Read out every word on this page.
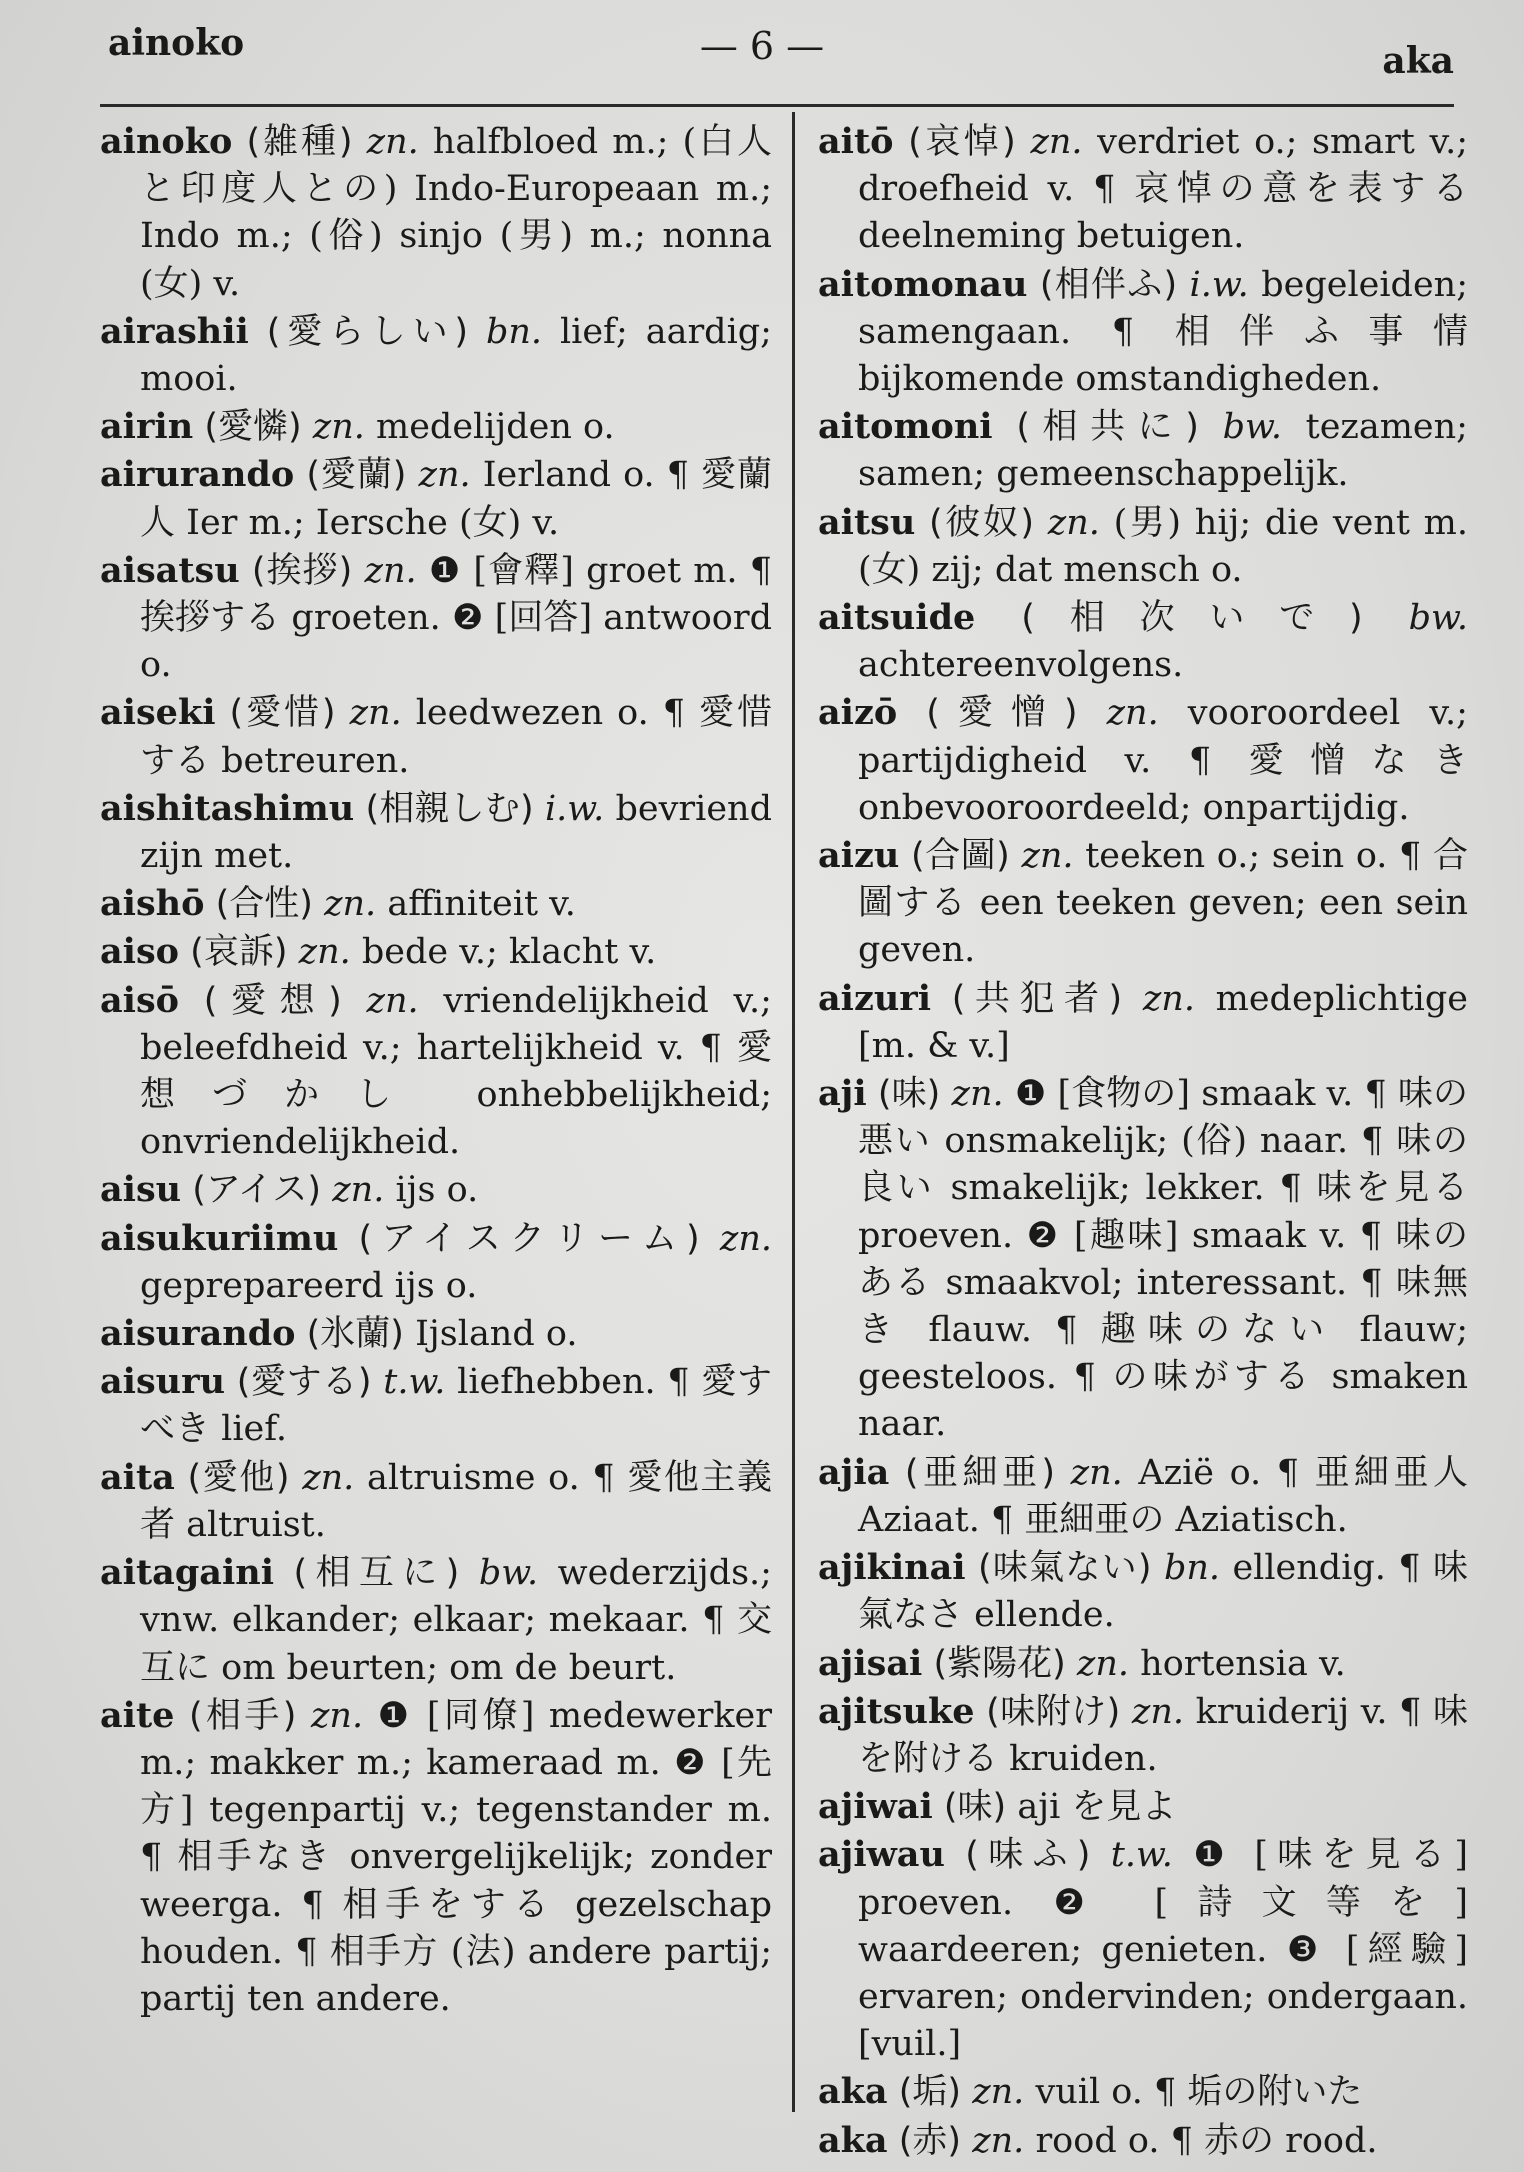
ainoko	— 6 —	aka

ainoko (雑種) zn. halfbloed m.; (白人と印度人との) Indo-Europeaan m.; Indo m.; (俗) sinjo (男) m.; nonna (女) v.

airashii (愛らしい) bn. lief; aardig; mooi.

airin (愛憐) zn. medelijden o.

airurando (愛蘭) zn. Ierland o. ¶ 愛蘭人 Ier m.; Iersche (女) v.

aisatsu (挨拶) zn. ❶ [會釋] groet m. ¶ 挨拶する groeten. ❷ [回答] antwoord o.

aiseki (愛惜) zn. leedwezen o. ¶ 愛惜する betreuren.

aishitashimu (相親しむ) i.w. bevriend zijn met.

aishō (合性) zn. affiniteit v.

aiso (哀訴) zn. bede v.; klacht v.

aisō (愛想) zn. vriendelijkheid v.; beleefdheid v.; hartelijkheid v. ¶ 愛想づかし onhebbelijkheid; onvriendelijkheid.

aisu (アイス) zn. ijs o.

aisukuriimu (アイスクリーム) zn. geprepareerd ijs o.

aisurando (氷蘭) Ijsland o.

aisuru (愛する) t.w. liefhebben. ¶ 愛すべき lief.

aita (愛他) zn. altruisme o. ¶ 愛他主義者 altruist.

aitagaini (相互に) bw. wederzijds.; vnw. elkander; elkaar; mekaar. ¶ 交互に om beurten; om de beurt.

aite (相手) zn. ❶ [同僚] medewerker m.; makker m.; kameraad m. ❷ [先方] tegenpartij v.; tegenstander m. ¶ 相手なき onvergelijkelijk; zonder weerga. ¶ 相手をする gezelschap houden. ¶ 相手方 (法) andere partij; partij ten andere.

aitō (哀悼) zn. verdriet o.; smart v.; droefheid v. ¶ 哀悼の意を表する deelneming betuigen.

aitomonau (相伴ふ) i.w. begeleiden; samengaan. ¶ 相伴ふ事情 bijkomende omstandigheden.

aitomoni (相共に) bw. tezamen; samen; gemeenschappelijk.

aitsu (彼奴) zn. (男) hij; die vent m. (女) zij; dat mensch o.

aitsuide (相次いで) bw. achtereenvolgens.

aizō (愛憎) zn. vooroordeel v.; partijdigheid v. ¶ 愛憎なき onbevooroordeeld; onpartijdig.

aizu (合圖) zn. teeken o.; sein o. ¶ 合圖する een teeken geven; een sein geven.

aizuri (共犯者) zn. medeplichtige [m. & v.]

aji (味) zn. ❶ [食物の] smaak v. ¶ 味の悪い onsmakelijk; (俗) naar. ¶ 味の良い smakelijk; lekker. ¶ 味を見る proeven. ❷ [趣味] smaak v. ¶ 味のある smaakvol; interessant. ¶ 味無き flauw. ¶ 趣味のない flauw; geesteloos. ¶ の味がする smaken naar.

ajia (亜細亜) zn. Azië o. ¶ 亜細亜人 Aziaat. ¶ 亜細亜の Aziatisch.

ajikinai (味氣ない) bn. ellendig. ¶ 味氣なさ ellende.

ajisai (紫陽花) zn. hortensia v.

ajitsuke (味附け) zn. kruiderij v. ¶ 味を附ける kruiden.

ajiwai (味) aji を見よ

ajiwau (味ふ) t.w. ❶ [味を見る] proeven. ❷ [詩文等を] waardeeren; genieten. ❸ [經驗] ervaren; ondervinden; ondergaan. [vuil.]

aka (垢) zn. vuil o. ¶ 垢の附いた

aka (赤) zn. rood o. ¶ 赤の rood.
